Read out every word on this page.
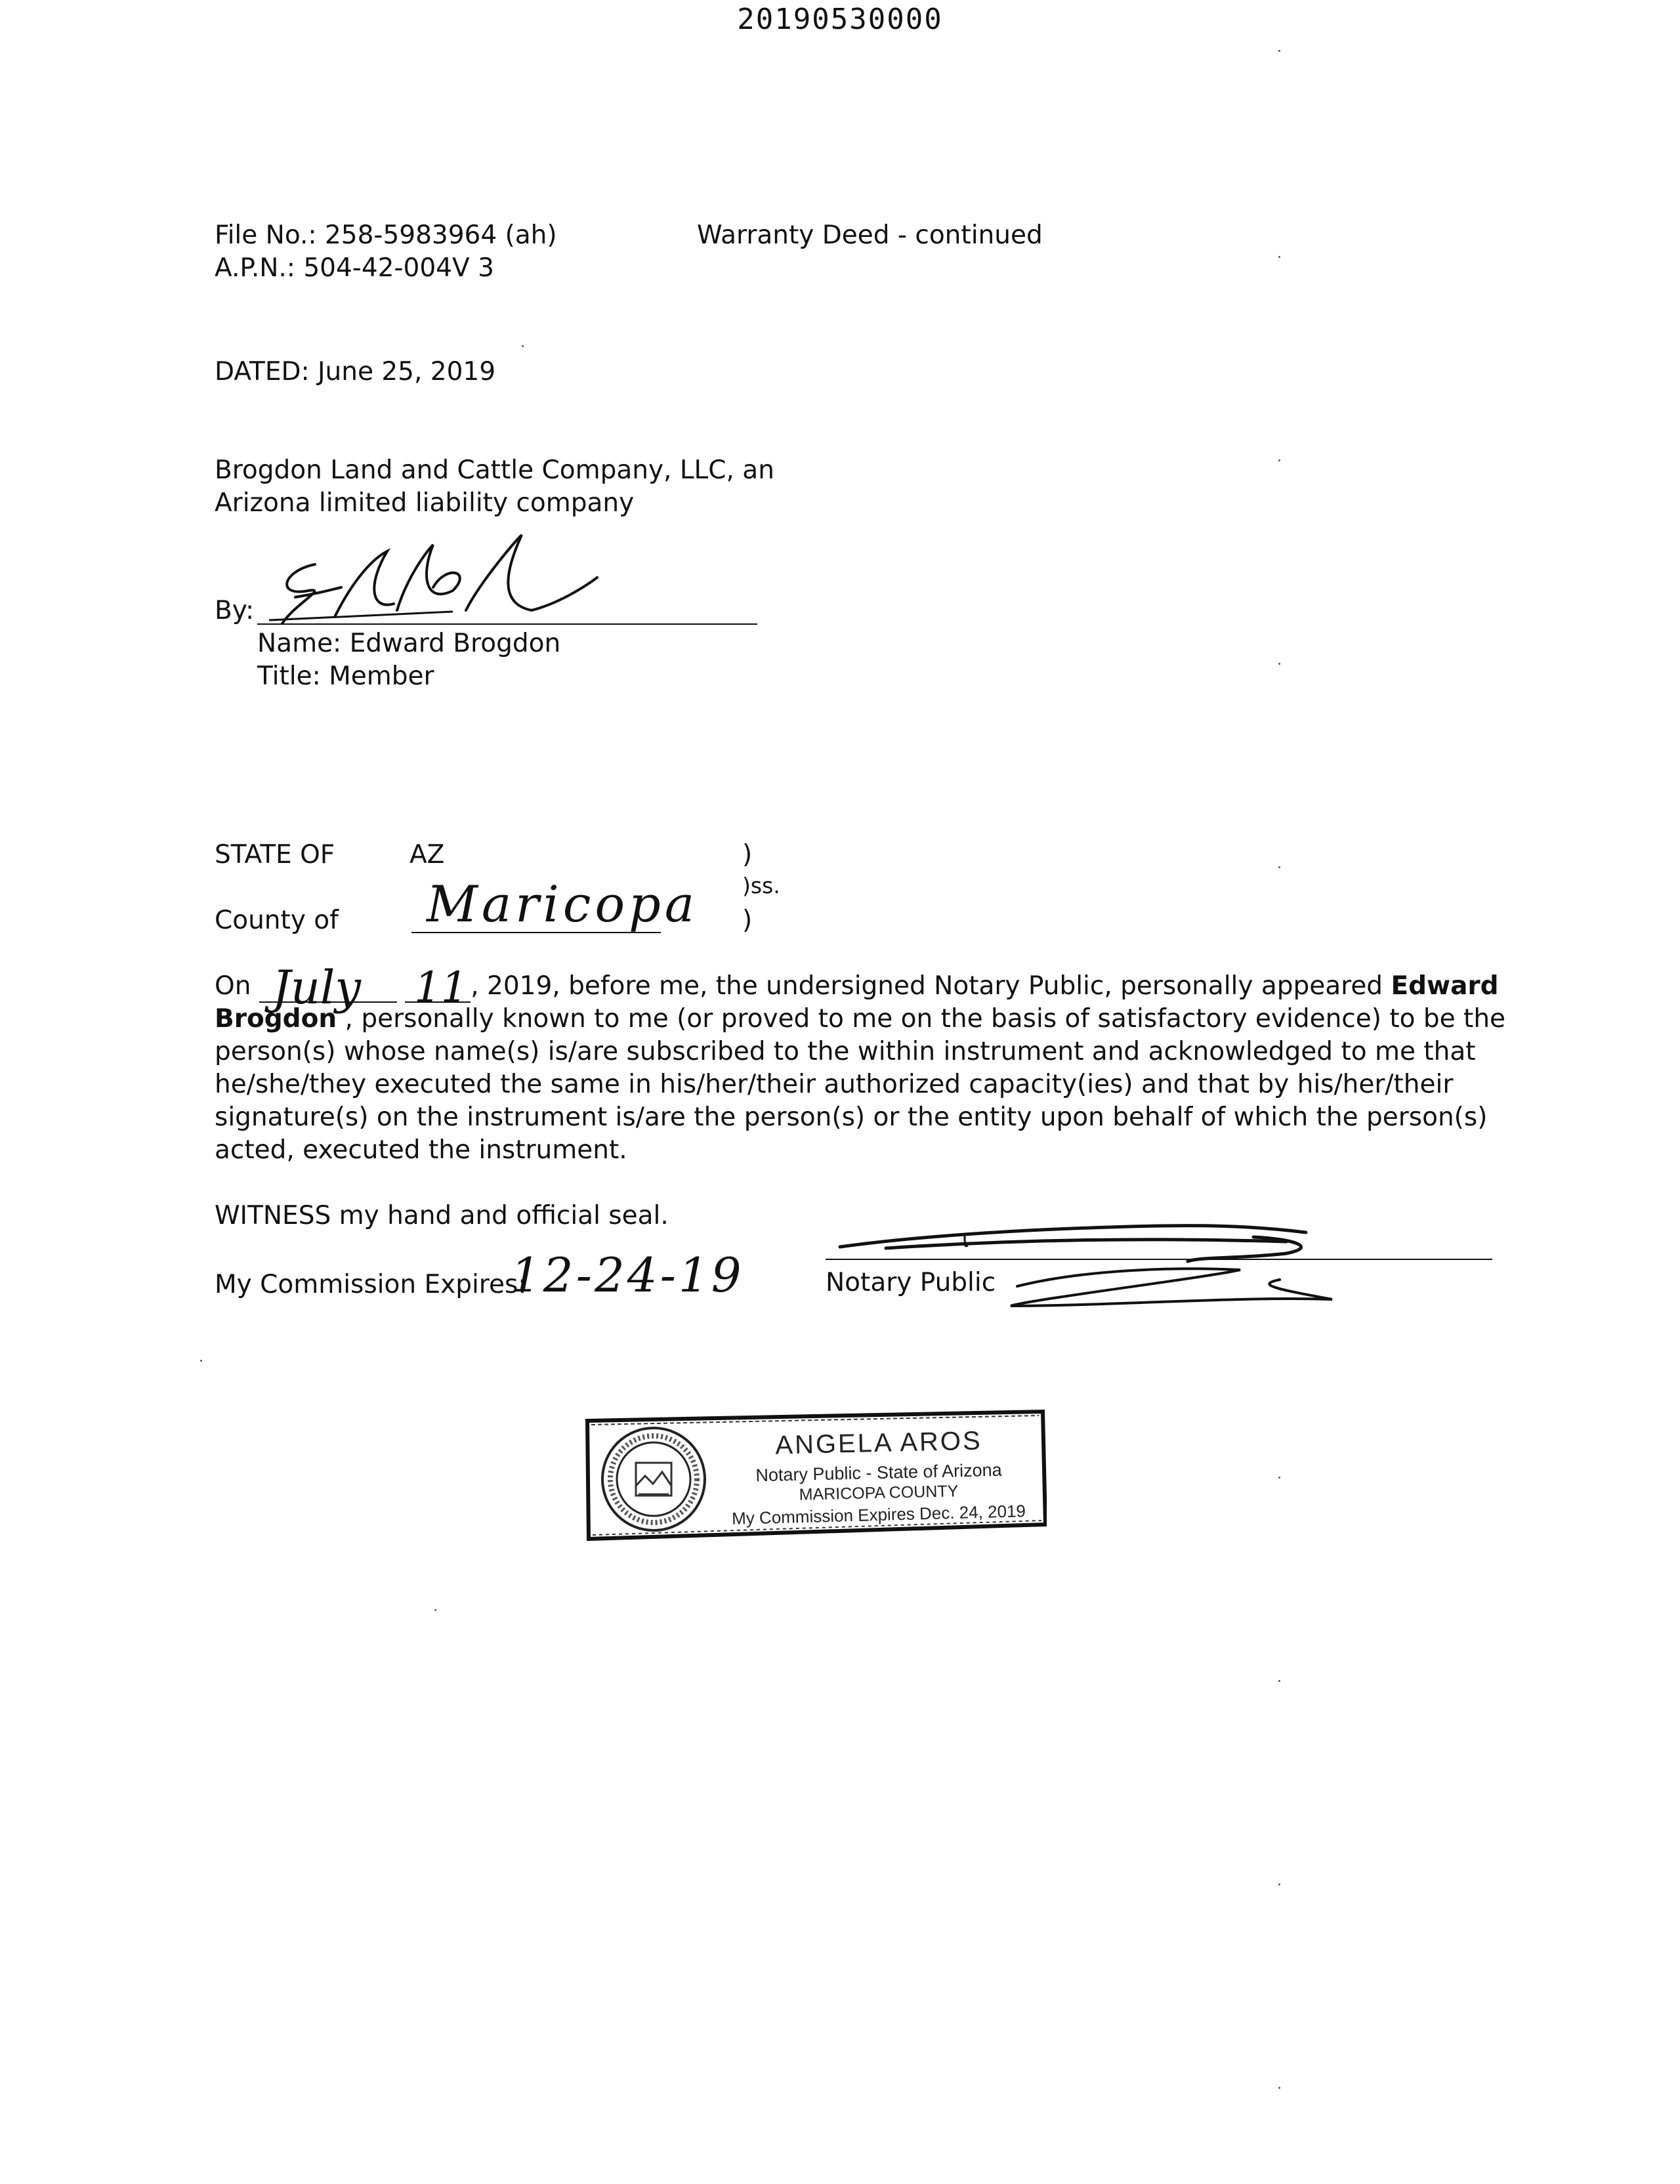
20190530000
File No.: 258-5983964 (ah)
A.P.N.: 504-42-004V 3
Warranty Deed - continued
DATED: June 25, 2019
Brogdon Land and Cattle Company, LLC, an
Arizona limited liability company
By:
Name: Edward Brogdon
Title: Member
STATE OF	AZ	)
)ss.
)
County of Maricopa
On July
11 , 2019, before me, the undersigned Notary Public, personally appeared Edward
Brogdon , personally known to me (or proved to me on the basis of satisfactory evidence) to be the
person(s) whose name(s) is/are subscribed to the within instrument and acknowledged to me that
he/she/they executed the same in his/her/their authorized capacity(ies) and that by his/her/their
signature(s) on the instrument is/are the person(s) or the entity upon behalf of which the person(s)
acted, executed the instrument.
WITNESS my hand and official seal.
My Commission Expires:
12-24-19	Notary Public
ANGELA AROS
Notary Public - State of Arizona
MARICOPA COUNTY
My Commission Expires Dec. 24, 2019
